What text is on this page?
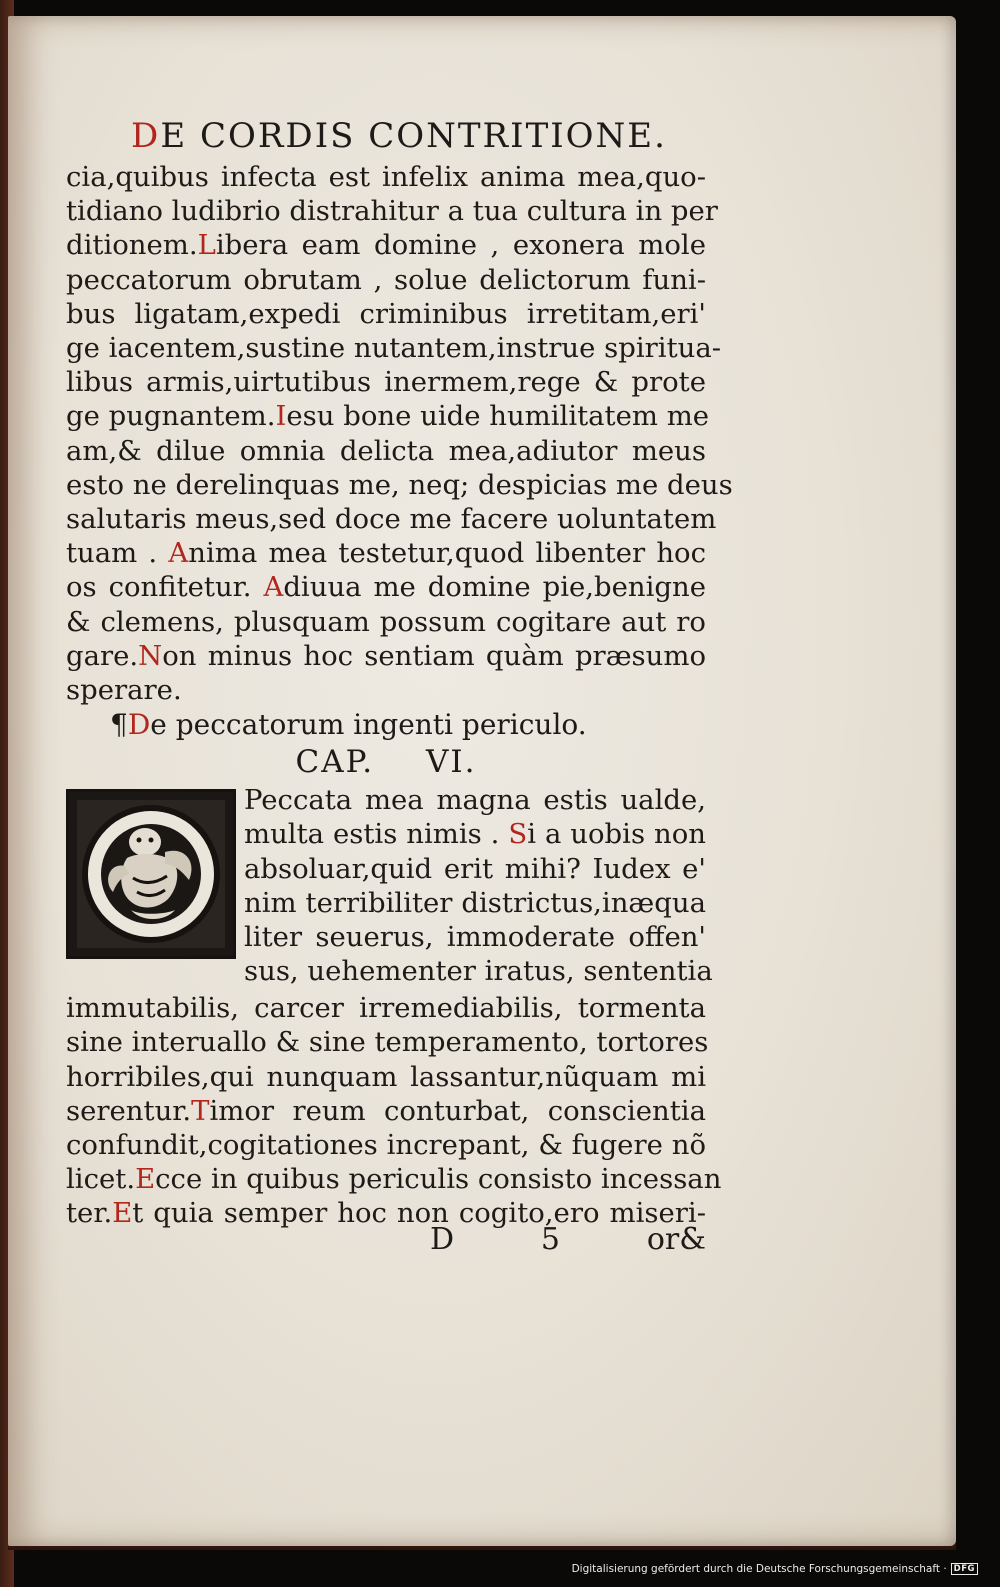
DE CORDIS CONTRITIONE.
cia,quibus infecta est infelix anima mea,quo-
tidiano ludibrio distrahitur a tua cultura in per
ditionem.Libera eam domine , exonera mole
peccatorum obrutam , solue delictorum funi-
bus ligatam,expedi criminibus irretitam,eri'
ge iacentem,sustine nutantem,instrue spiritua-
libus armis,uirtutibus inermem,rege & prote
ge pugnantem.Iesu bone uide humilitatem me
am,& dilue omnia delicta mea,adiutor meus
esto ne derelinquas me, neq; despicias me deus
salutaris meus,sed doce me facere uoluntatem
tuam . Anima mea testetur,quod libenter hoc
os confitetur. Adiuua me domine pie,benigne
& clemens, plusquam possum cogitare aut ro
gare.Non minus hoc sentiam quàm præsumo
sperare.
¶De peccatorum ingenti periculo.
CAP. VI.
Peccata mea magna estis ualde,
multa estis nimis . Si a uobis non
absoluar,quid erit mihi? Iudex e'
nim terribiliter districtus,inæqua
liter seuerus, immoderate offen'
sus, uehementer iratus, sententia
immutabilis, carcer irremediabilis, tormenta
sine interuallo & sine temperamento, tortores
horribiles,qui nunquam lassantur,nũquam mi
serentur.Timor reum conturbat, conscientia
confundit,cogitationes increpant, & fugere nõ
licet.Ecce in quibus periculis consisto incessan
ter.Et quia semper hoc non cogito,ero miseri-
D	5	or&
Digitalisierung gefördert durch die Deutsche Forschungsgemeinschaft · DFG
